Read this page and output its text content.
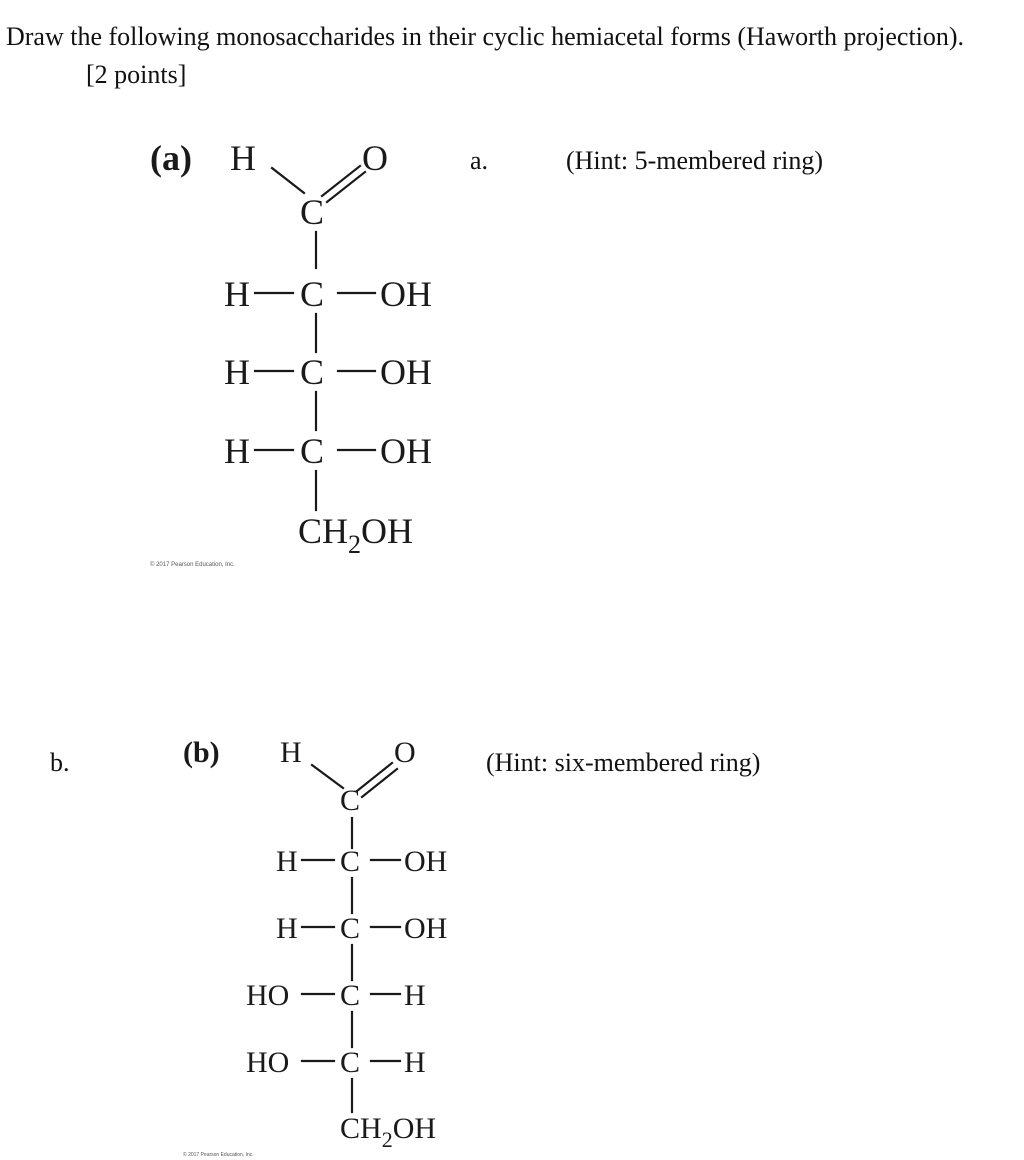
Draw the following monosaccharides in their cyclic hemiacetal forms (Haworth projection). [2 points]
a.	(Hint: 5-membered ring)
(a) H	O
C
H C OH
H C OH
H C OH
$CH_2OH$
© 2017 Pearson Education, Inc.
b.	(Hint: six-membered ring)
(b) H	O
C
H C OH
H C OH
HO C H
HO C H
$CH_2OH$
© 2017 Pearson Education, Inc.
